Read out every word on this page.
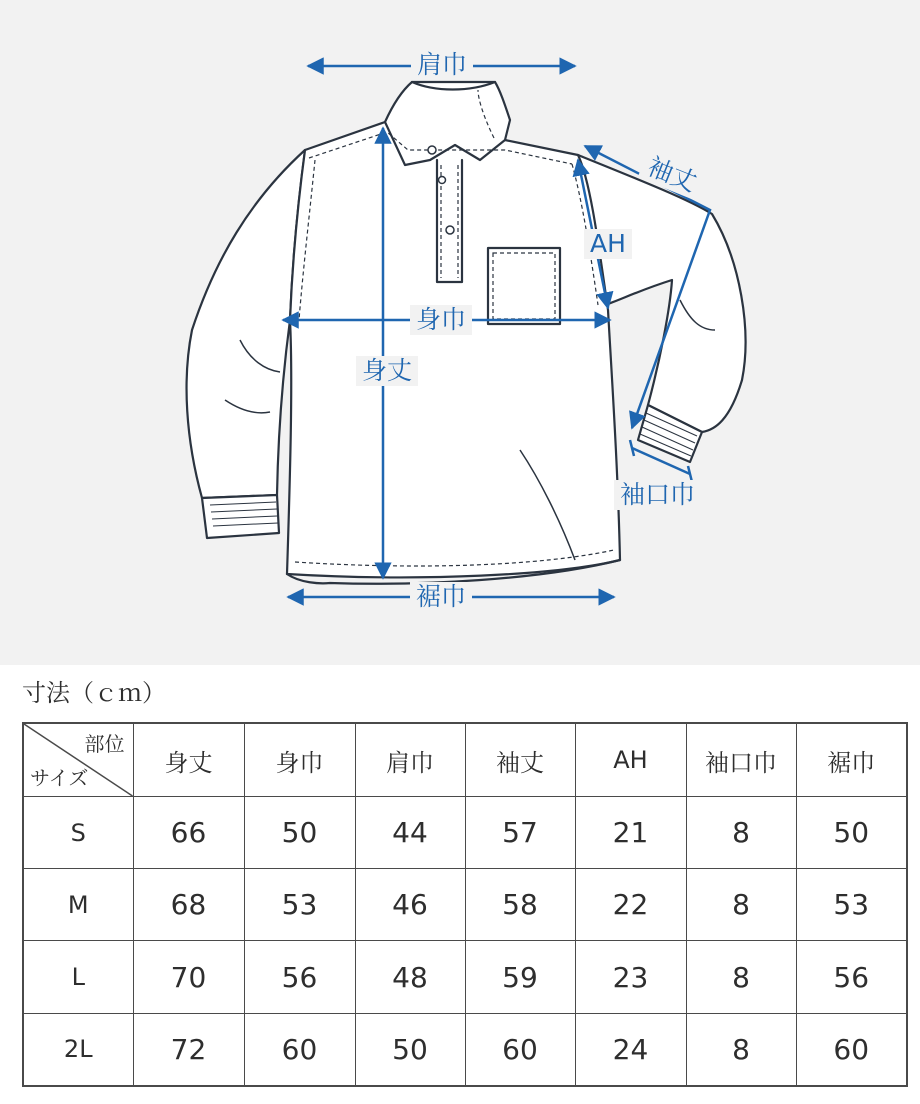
肩巾
袖丈
AH
身巾
身丈
袖口巾
裾巾
寸法（ｃｍ）
部位
サイズ	身丈	身巾	肩巾	袖丈	AH	袖口巾	裾巾
S	66	50	44	57	21	8	50
M	68	53	46	58	22	8	53
L	70	56	48	59	23	8	56
2L	72	60	50	60	24	8	60
